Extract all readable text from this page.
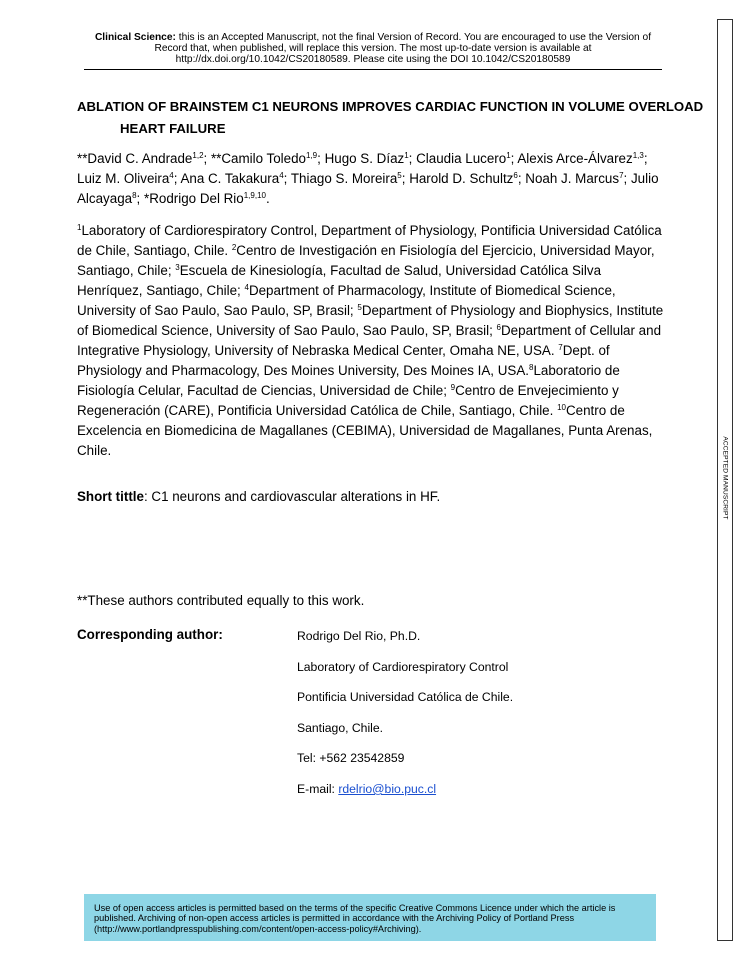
Clinical Science: this is an Accepted Manuscript, not the final Version of Record. You are encouraged to use the Version of Record that, when published, will replace this version. The most up-to-date version is available at http://dx.doi.org/10.1042/CS20180589. Please cite using the DOI 10.1042/CS20180589
ABLATION OF BRAINSTEM C1 NEURONS IMPROVES CARDIAC FUNCTION IN VOLUME OVERLOAD HEART FAILURE

**David C. Andrade$^{1,2}$; **Camilo Toledo$^{1,9}$; Hugo S. Díaz$^1$; Claudia Lucero$^1$; Alexis Arce-Álvarez$^{1,3}$; Luiz M. Oliveira$^4$; Ana C. Takakura$^4$; Thiago S. Moreira$^5$; Harold D. Schultz$^6$; Noah J. Marcus$^7$; Julio Alcayaga$^8$; *Rodrigo Del Rio$^{1,9,10}$.

$^1$Laboratory of Cardiorespiratory Control, Department of Physiology, Pontificia Universidad Católica de Chile, Santiago, Chile. $^2$Centro de Investigación en Fisiología del Ejercicio, Universidad Mayor, Santiago, Chile; $^3$Escuela de Kinesiología, Facultad de Salud, Universidad Católica Silva Henríquez, Santiago, Chile; $^4$Department of Pharmacology, Institute of Biomedical Science, University of Sao Paulo, Sao Paulo, SP, Brasil; $^5$Department of Physiology and Biophysics, Institute of Biomedical Science, University of Sao Paulo, Sao Paulo, SP, Brasil; $^6$Department of Cellular and Integrative Physiology, University of Nebraska Medical Center, Omaha NE, USA. $^7$Dept. of Physiology and Pharmacology, Des Moines University, Des Moines IA, USA.$^8$Laboratorio de Fisiología Celular, Facultad de Ciencias, Universidad de Chile; $^9$Centro de Envejecimiento y Regeneración (CARE), Pontificia Universidad Católica de Chile, Santiago, Chile. $^{10}$Centro de Excelencia en Biomedicina de Magallanes (CEBIMA), Universidad de Magallanes, Punta Arenas, Chile.

Short tittle: C1 neurons and cardiovascular alterations in HF.

**These authors contributed equally to this work.

Corresponding author:	Rodrigo Del Rio, Ph.D.
Laboratory of Cardiorespiratory Control
Pontificia Universidad Católica de Chile.
Santiago, Chile.
Tel: +562 23542859
E-mail: rdelrio@bio.puc.cl
Use of open access articles is permitted based on the terms of the specific Creative Commons Licence under which the article is published. Archiving of non-open access articles is permitted in accordance with the Archiving Policy of Portland Press (http://www.portlandpresspublishing.com/content/open-access-policy#Archiving).
ACCEPTED MANUSCRIPT
